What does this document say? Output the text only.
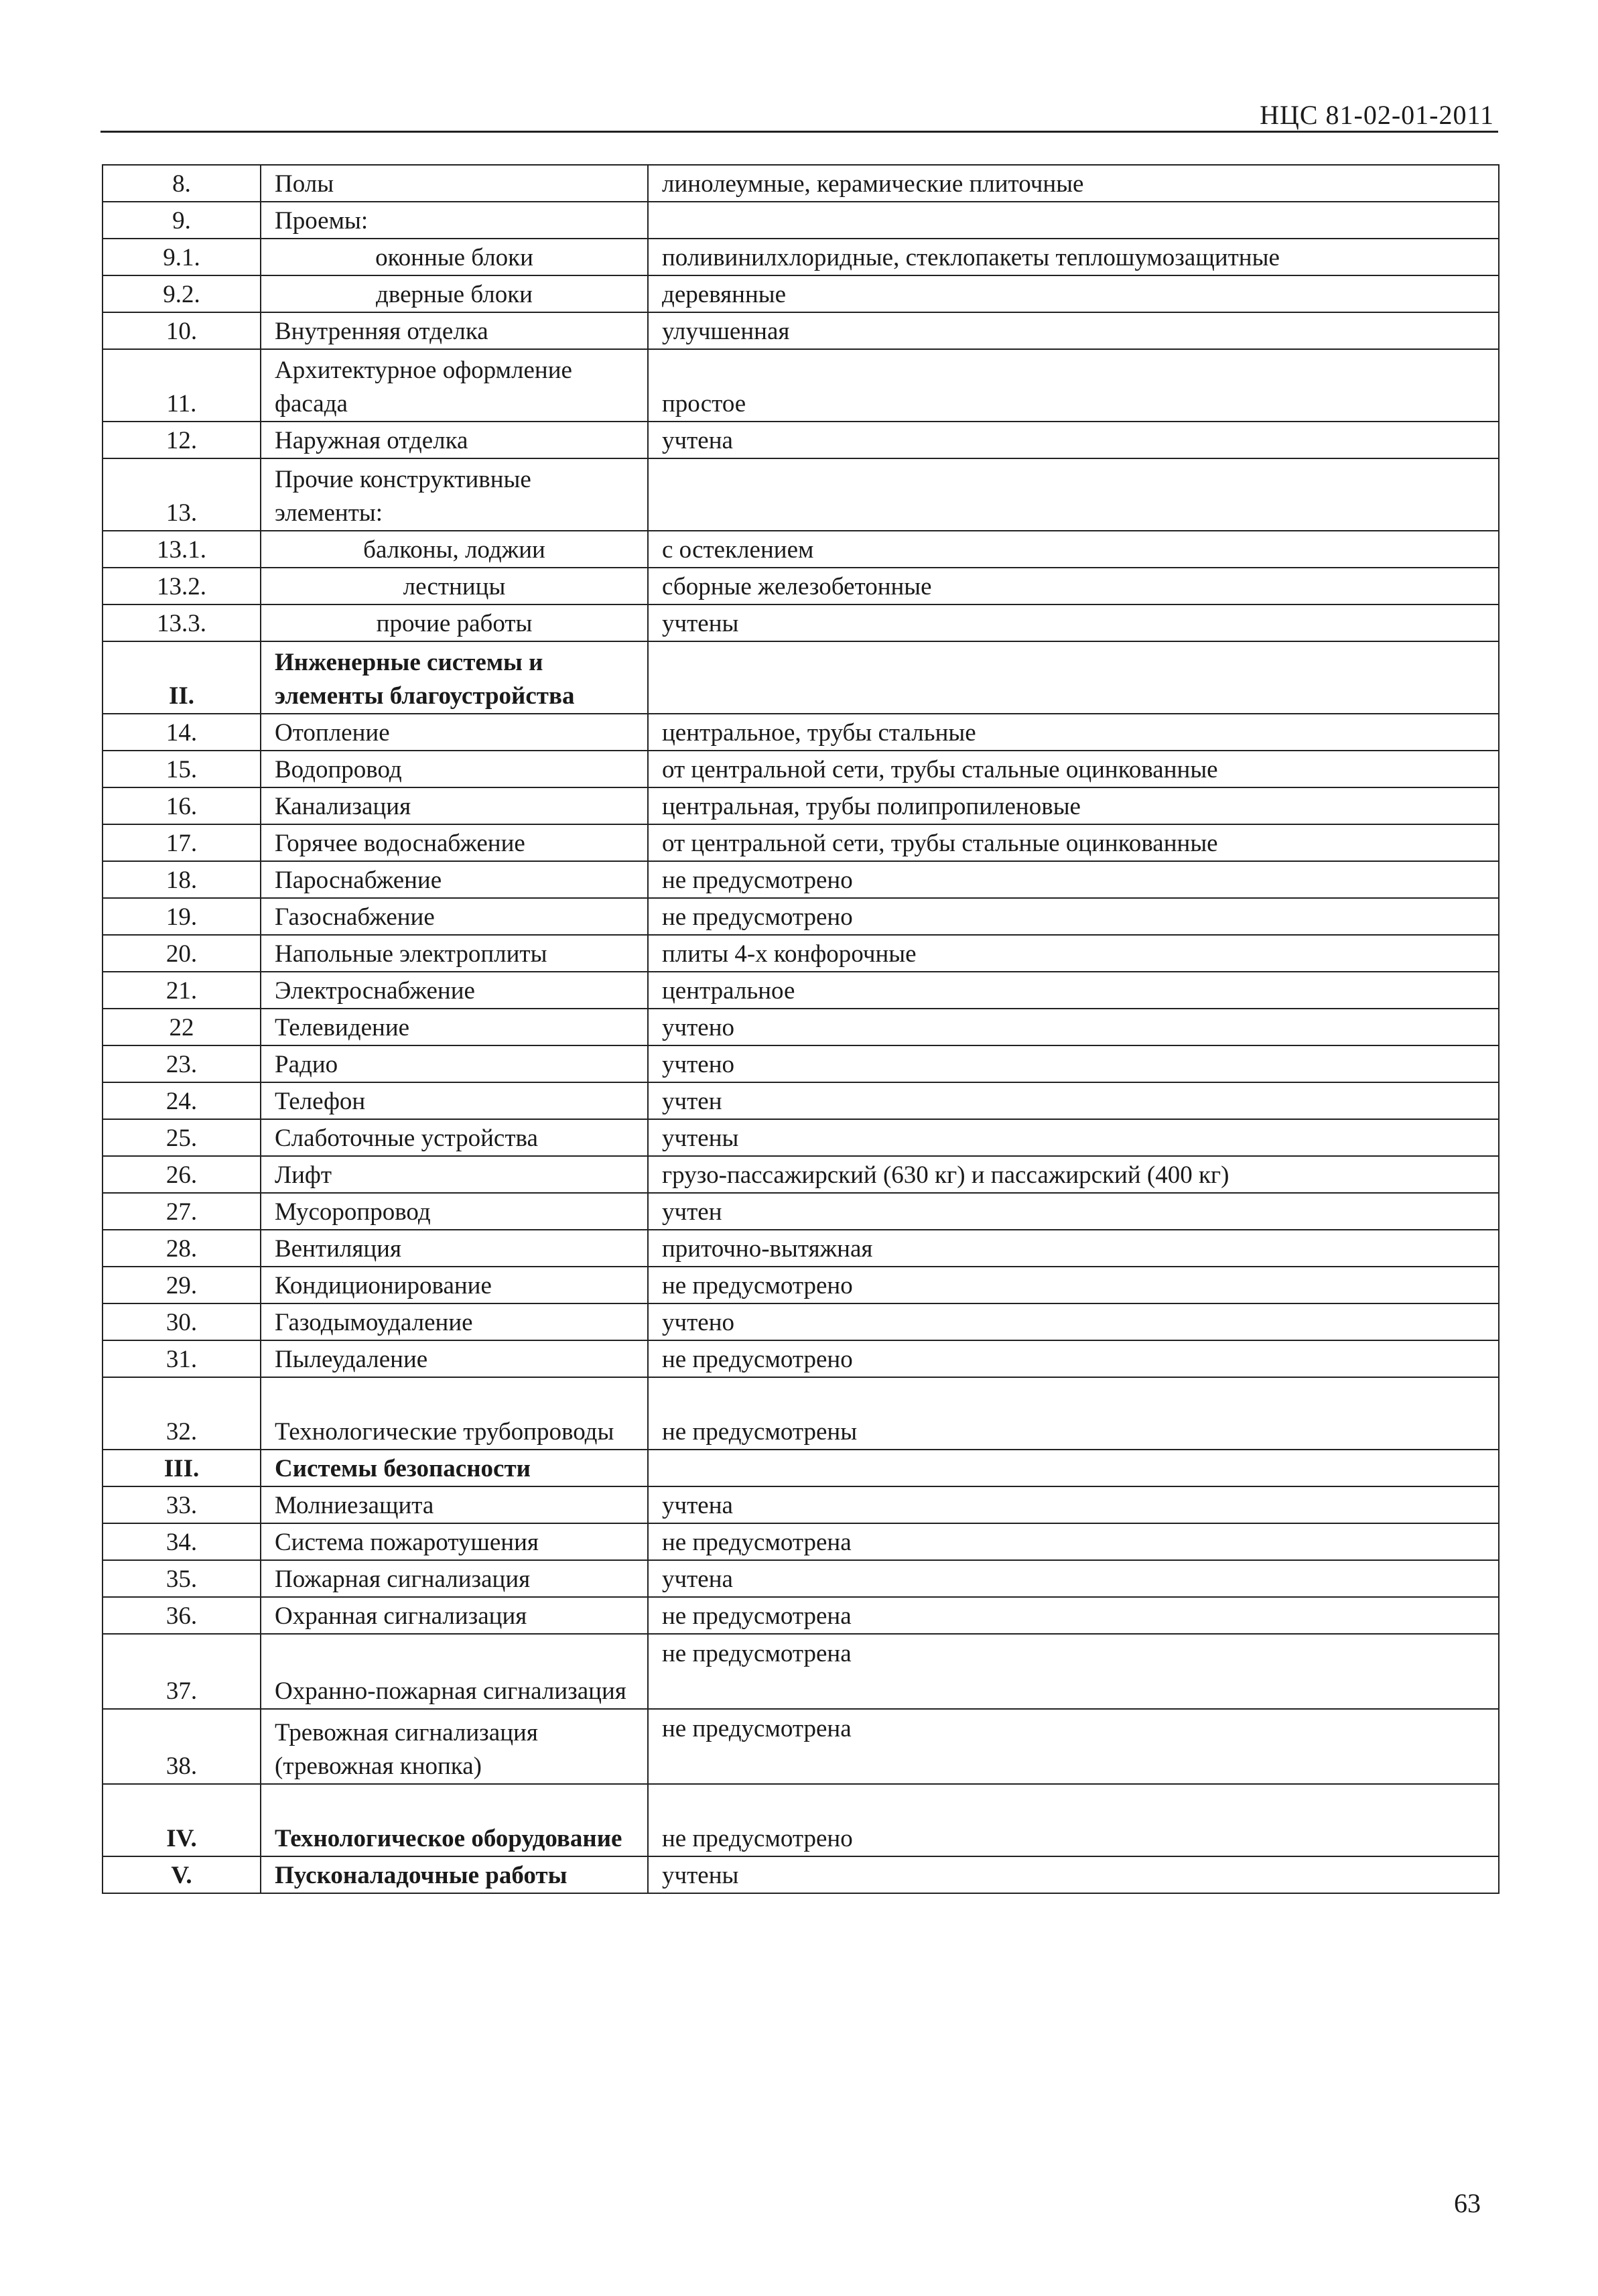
НЦС 81-02-01-2011
8.	Полы	линолеумные, керамические плиточные
9.	Проемы:	
9.1.	оконные блоки	поливинилхлоридные, стеклопакеты теплошумозащитные
9.2.	дверные блоки	деревянные
10.	Внутренняя отделка	улучшенная
11.	Архитектурное оформление фасада	простое
12.	Наружная отделка	учтена
13.	Прочие конструктивные элементы:	
13.1.	балконы, лоджии	с остеклением
13.2.	лестницы	сборные железобетонные
13.3.	прочие работы	учтены
II.	Инженерные системы и элементы благоустройства	
14.	Отопление	центральное, трубы стальные
15.	Водопровод	от центральной сети, трубы стальные оцинкованные
16.	Канализация	центральная, трубы полипропиленовые
17.	Горячее водоснабжение	от центральной сети, трубы стальные оцинкованные
18.	Пароснабжение	не предусмотрено
19.	Газоснабжение	не предусмотрено
20.	Напольные электроплиты	плиты 4-х конфорочные
21.	Электроснабжение	центральное
22	Телевидение	учтено
23.	Радио	учтено
24.	Телефон	учтен
25.	Слаботочные устройства	учтены
26.	Лифт	грузо-пассажирский (630 кг) и пассажирский (400 кг)
27.	Мусоропровод	учтен
28.	Вентиляция	приточно-вытяжная
29.	Кондиционирование	не предусмотрено
30.	Газодымоудаление	учтено
31.	Пылеудаление	не предусмотрено
32.	Технологические трубопроводы	не предусмотрены
III.	Системы безопасности	
33.	Молниезащита	учтена
34.	Система пожаротушения	не предусмотрена
35.	Пожарная сигнализация	учтена
36.	Охранная сигнализация	не предусмотрена
37.	Охранно-пожарная сигнализация	не предусмотрена
38.	Тревожная сигнализация (тревожная кнопка)	не предусмотрена
IV.	Технологическое оборудование	не предусмотрено
V.	Пусконаладочные работы	учтены
63
